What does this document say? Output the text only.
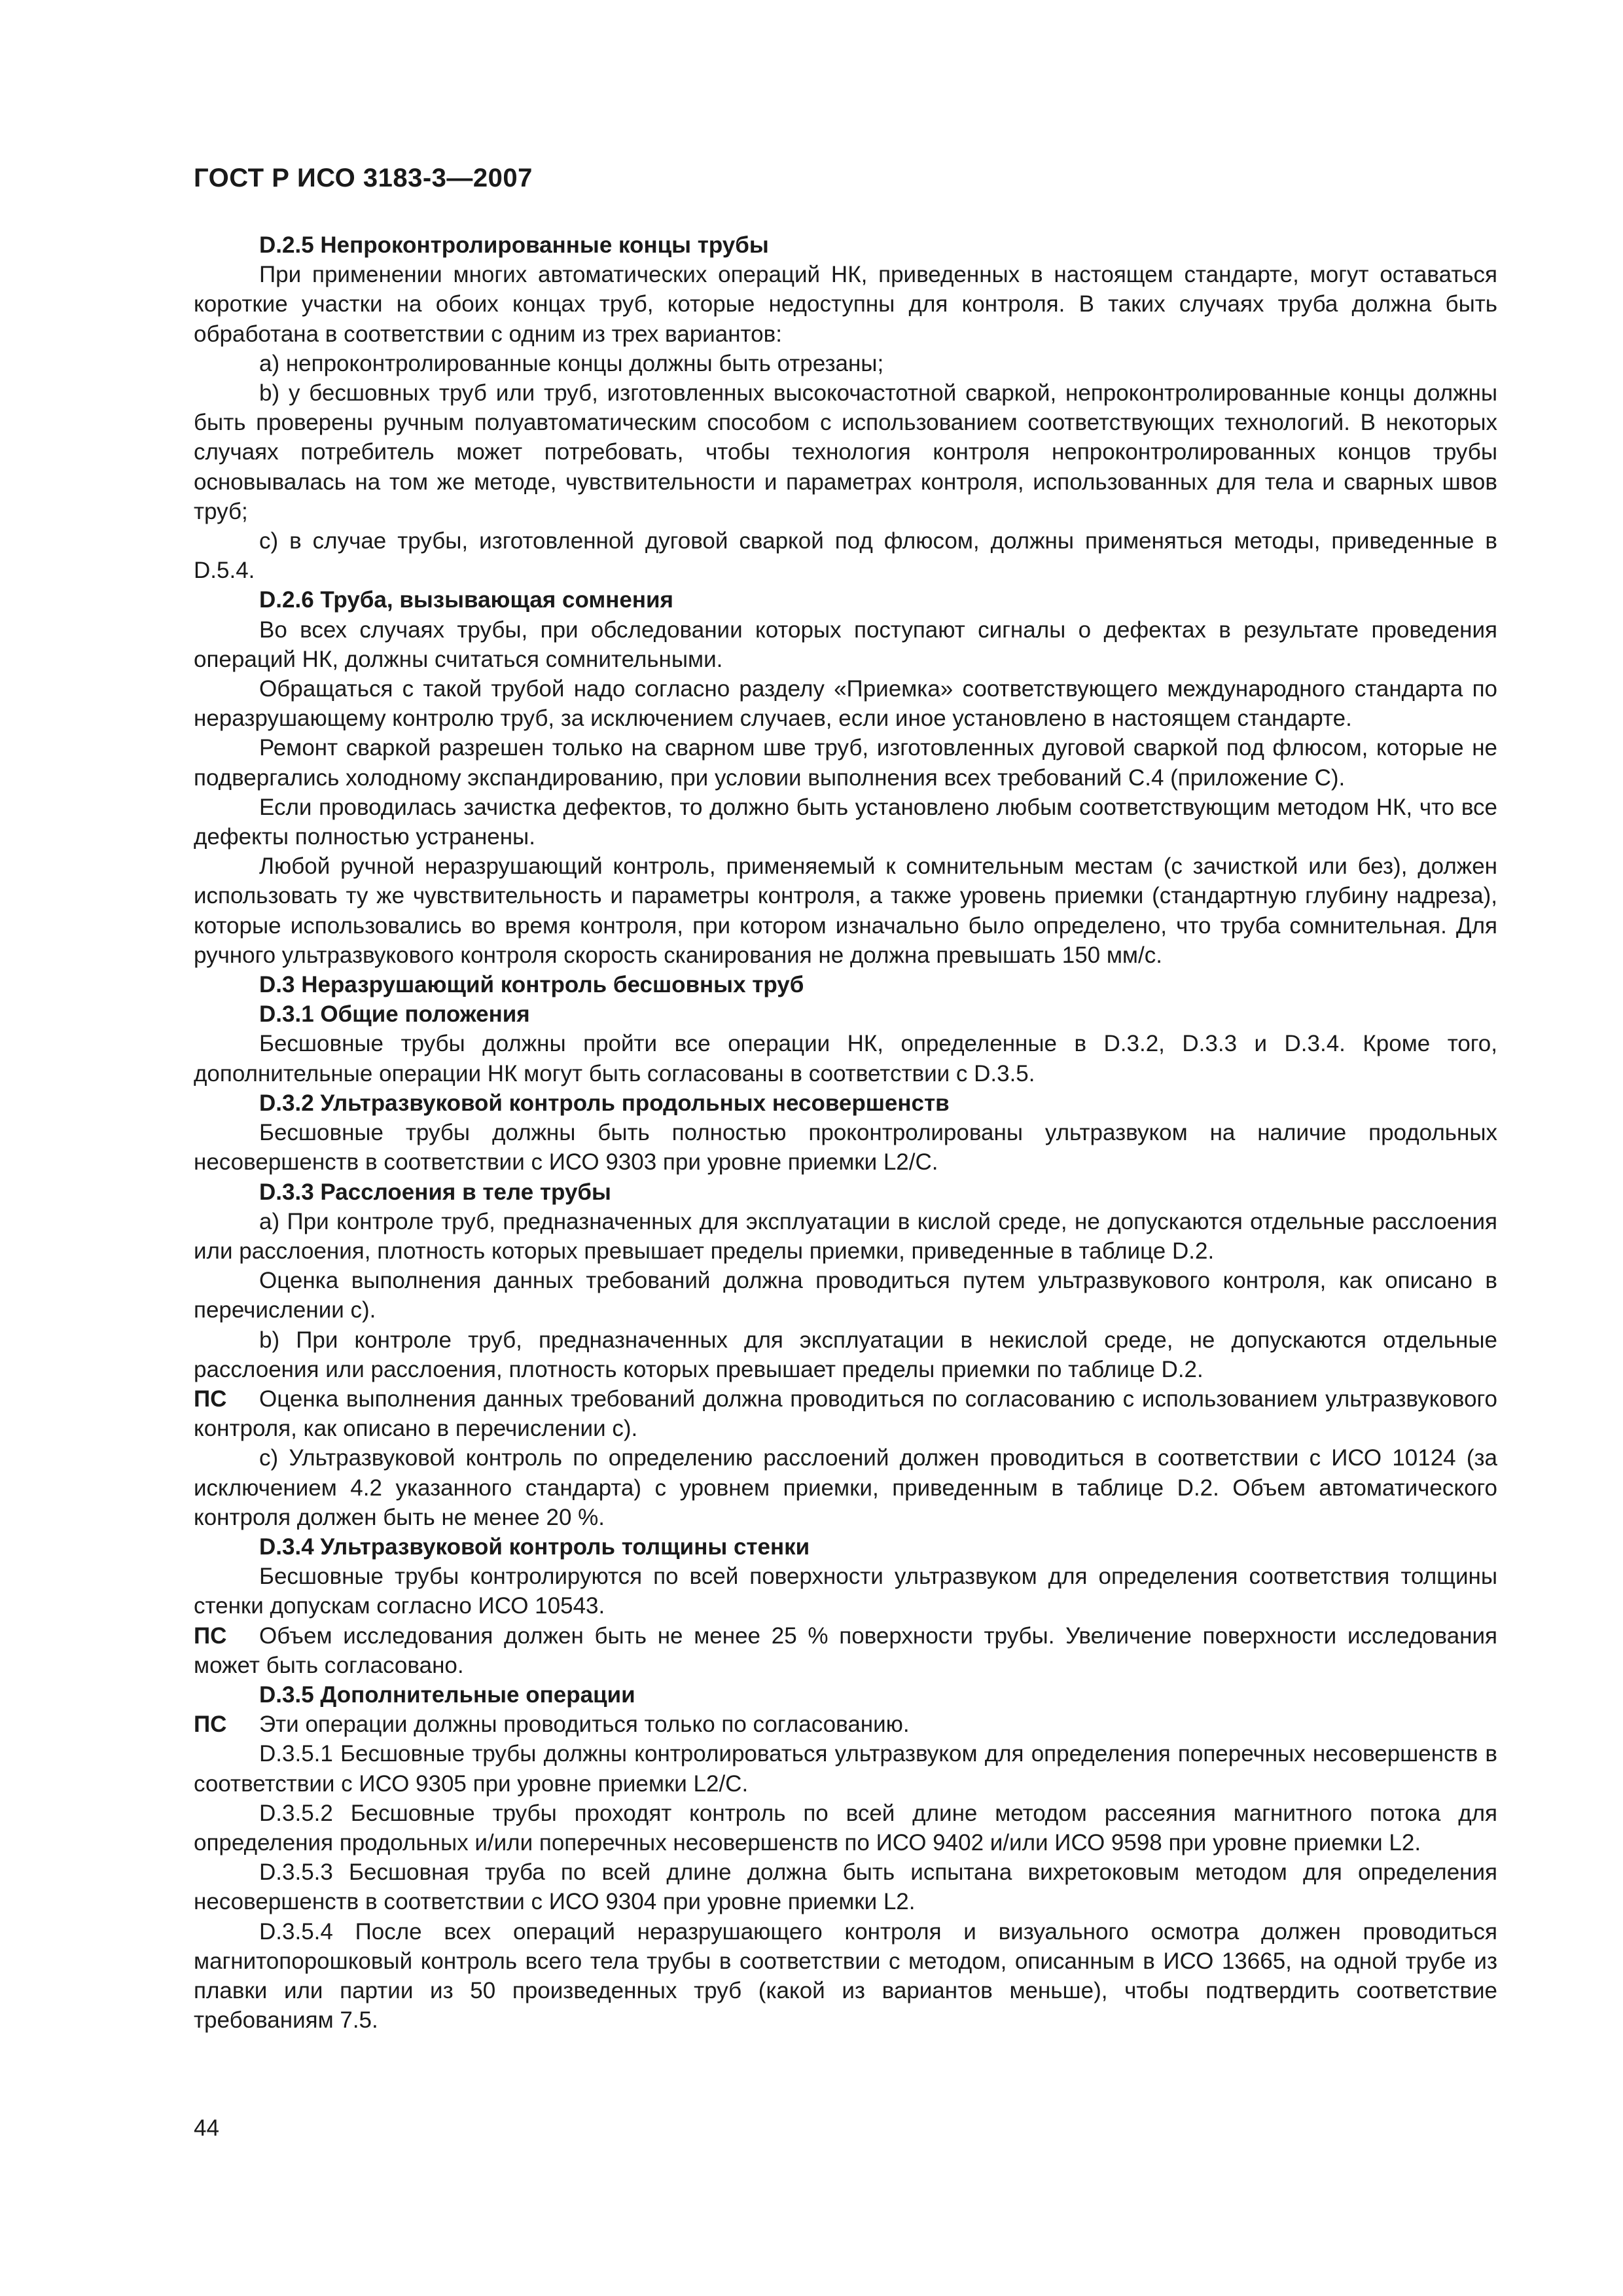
ГОСТ Р ИСО 3183-3—2007

D.2.5 Непроконтролированные концы трубы

При применении многих автоматических операций НК, приведенных в настоящем стандарте, могут оставаться короткие участки на обоих концах труб, которые недоступны для контроля. В таких случаях труба должна быть обработана в соответствии с одним из трех вариантов:

а) непроконтролированные концы должны быть отрезаны;

b) у бесшовных труб или труб, изготовленных высокочастотной сваркой, непроконтролированные концы должны быть проверены ручным полуавтоматическим способом с использованием соответствующих технологий. В некоторых случаях потребитель может потребовать, чтобы технология контроля непроконтролированных концов трубы основывалась на том же методе, чувствительности и параметрах контроля, использованных для тела и сварных швов труб;

c) в случае трубы, изготовленной дуговой сваркой под флюсом, должны применяться методы, приведенные в D.5.4.

D.2.6 Труба, вызывающая сомнения

Во всех случаях трубы, при обследовании которых поступают сигналы о дефектах в результате проведения операций НК, должны считаться сомнительными.

Обращаться с такой трубой надо согласно разделу «Приемка» соответствующего международного стандарта по неразрушающему контролю труб, за исключением случаев, если иное установлено в настоящем стандарте.

Ремонт сваркой разрешен только на сварном шве труб, изготовленных дуговой сваркой под флюсом, которые не подвергались холодному экспандированию, при условии выполнения всех требований С.4 (приложение С).

Если проводилась зачистка дефектов, то должно быть установлено любым соответствующим методом НК, что все дефекты полностью устранены.

Любой ручной неразрушающий контроль, применяемый к сомнительным местам (с зачисткой или без), должен использовать ту же чувствительность и параметры контроля, а также уровень приемки (стандартную глубину надреза), которые использовались во время контроля, при котором изначально было определено, что труба сомнительная. Для ручного ультразвукового контроля скорость сканирования не должна превышать 150 мм/с.

D.3 Неразрушающий контроль бесшовных труб

D.3.1 Общие положения

Бесшовные трубы должны пройти все операции НК, определенные в D.3.2, D.3.3 и D.3.4. Кроме того, дополнительные операции НК могут быть согласованы в соответствии с D.3.5.

D.3.2 Ультразвуковой контроль продольных несовершенств

Бесшовные трубы должны быть полностью проконтролированы ультразвуком на наличие продольных несовершенств в соответствии с ИСО 9303 при уровне приемки L2/C.

D.3.3 Расслоения в теле трубы

а) При контроле труб, предназначенных для эксплуатации в кислой среде, не допускаются отдельные расслоения или расслоения, плотность которых превышает пределы приемки, приведенные в таблице D.2.

Оценка выполнения данных требований должна проводиться путем ультразвукового контроля, как описано в перечислении с).

b) При контроле труб, предназначенных для эксплуатации в некислой среде, не допускаются отдельные расслоения или расслоения, плотность которых превышает пределы приемки по таблице D.2.

ПС Оценка выполнения данных требований должна проводиться по согласованию с использованием ультразвукового контроля, как описано в перечислении с).

c) Ультразвуковой контроль по определению расслоений должен проводиться в соответствии с ИСО 10124 (за исключением 4.2 указанного стандарта) с уровнем приемки, приведенным в таблице D.2. Объем автоматического контроля должен быть не менее 20 %.

D.3.4 Ультразвуковой контроль толщины стенки

Бесшовные трубы контролируются по всей поверхности ультразвуком для определения соответствия толщины стенки допускам согласно ИСО 10543.

ПС Объем исследования должен быть не менее 25 % поверхности трубы. Увеличение поверхности исследования может быть согласовано.

D.3.5 Дополнительные операции

ПС Эти операции должны проводиться только по согласованию.

D.3.5.1 Бесшовные трубы должны контролироваться ультразвуком для определения поперечных несовершенств в соответствии с ИСО 9305 при уровне приемки L2/C.

D.3.5.2 Бесшовные трубы проходят контроль по всей длине методом рассеяния магнитного потока для определения продольных и/или поперечных несовершенств по ИСО 9402 и/или ИСО 9598 при уровне приемки L2.

D.3.5.3 Бесшовная труба по всей длине должна быть испытана вихретоковым методом для определения несовершенств в соответствии с ИСО 9304 при уровне приемки L2.

D.3.5.4 После всех операций неразрушающего контроля и визуального осмотра должен проводиться магнитопорошковый контроль всего тела трубы в соответствии с методом, описанным в ИСО 13665, на одной трубе из плавки или партии из 50 произведенных труб (какой из вариантов меньше), чтобы подтвердить соответствие требованиям 7.5.

44
